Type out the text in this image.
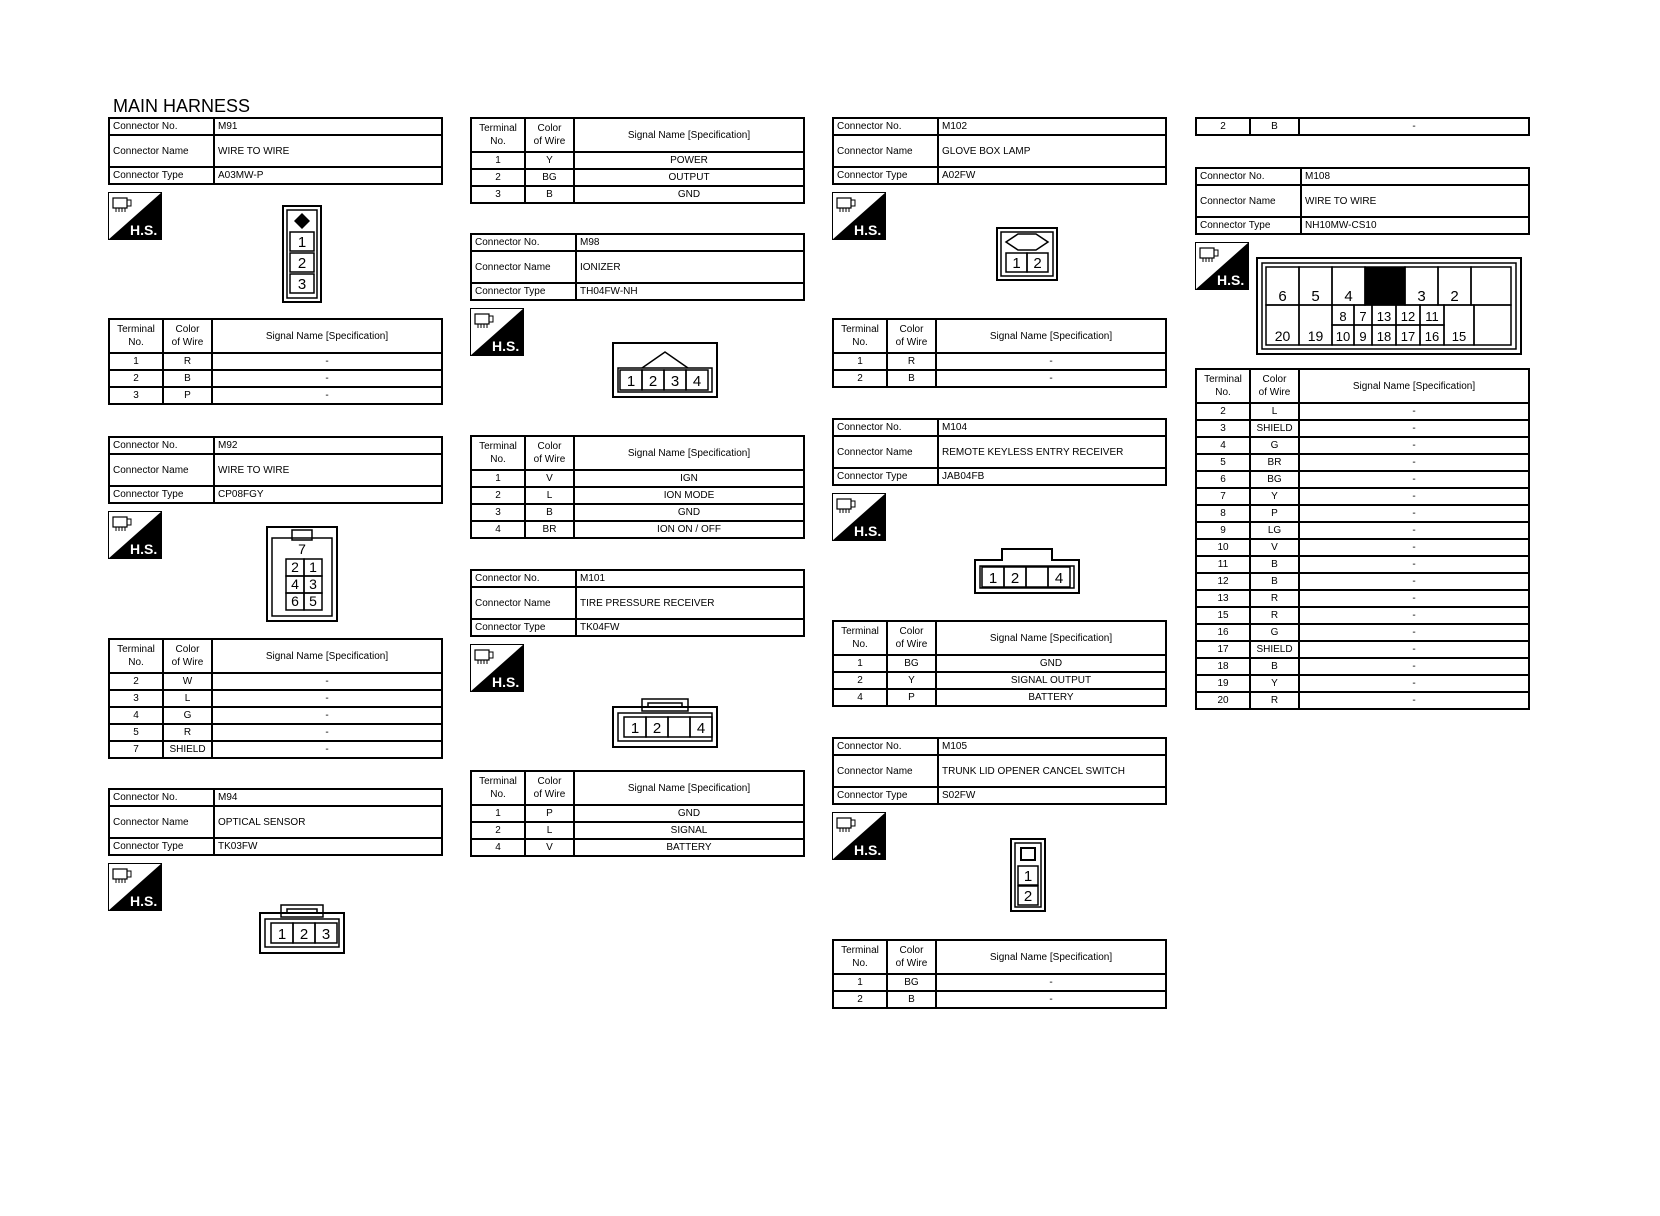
MAIN HARNESS
Connector No.	M91
Connector Name	WIRE TO WIRE
Connector Type	A03MW-P
H.S.
1
2
3
Terminal
No.	Color
of Wire	Signal Name [Specification]
1	R	-
2	B	-
3	P	-
Connector No.	M92
Connector Name	WIRE TO WIRE
Connector Type	CP08FGY
H.S.	7
2 1
4 3
6 5
Terminal
No.	Color
of Wire	Signal Name [Specification]
2	W	-
3	L	-
4	G	-
5	R	-
7	SHIELD	-
Connector No.	M94
Connector Name	OPTICAL SENSOR
Connector Type	TK03FW
H.S.
1 2 3
Terminal
No.	Color
of Wire	Signal Name [Specification]
1	Y	POWER
2	BG	OUTPUT
3	B	GND
Connector No.	M98
Connector Name	IONIZER
Connector Type	TH04FW-NH
H.S.
1 2 3 4
Terminal
No.	Color
of Wire	Signal Name [Specification]
1	V	IGN
2	L	ION MODE
3	B	GND
4	BR	ION ON / OFF
Connector No.	M101
Connector Name	TIRE PRESSURE RECEIVER
Connector Type	TK04FW
H.S.
1 2 4
Terminal
No.	Color
of Wire	Signal Name [Specification]
1	P	GND
2	L	SIGNAL
4	V	BATTERY
Connector No.	M102
Connector Name	GLOVE BOX LAMP
Connector Type	A02FW
H.S.
1 2
Terminal
No.	Color
of Wire	Signal Name [Specification]
1	R	-
2	B	-
Connector No.	M104
Connector Name	REMOTE KEYLESS ENTRY RECEIVER
Connector Type	JAB04FB
H.S.
1 2 4
Terminal
No.	Color
of Wire	Signal Name [Specification]
1	BG	GND
2	Y	SIGNAL OUTPUT
4	P	BATTERY
Connector No.	M105
Connector Name	TRUNK LID OPENER CANCEL SWITCH
Connector Type	S02FW
H.S.
1
2
Terminal
No.	Color
of Wire	Signal Name [Specification]
1	BG	-
2	B	-
2	B	-
Connector No.	M108
Connector Name	WIRE TO WIRE
Connector Type	NH10MW-CS10
H.S.
6 5 4	3 2
20 19
8 7 13 12 11
15
10 9 18 17 16
Terminal
No.	Color
of Wire	Signal Name [Specification]
2	L	-
3	SHIELD	-
4	G	-
5	BR	-
6	BG	-
7	Y	-
8	P	-
9	LG	-
10	V	-
11	B	-
12	B	-
13	R	-
15	R	-
16	G	-
17	SHIELD	-
18	B	-
19	Y	-
20	R	-
